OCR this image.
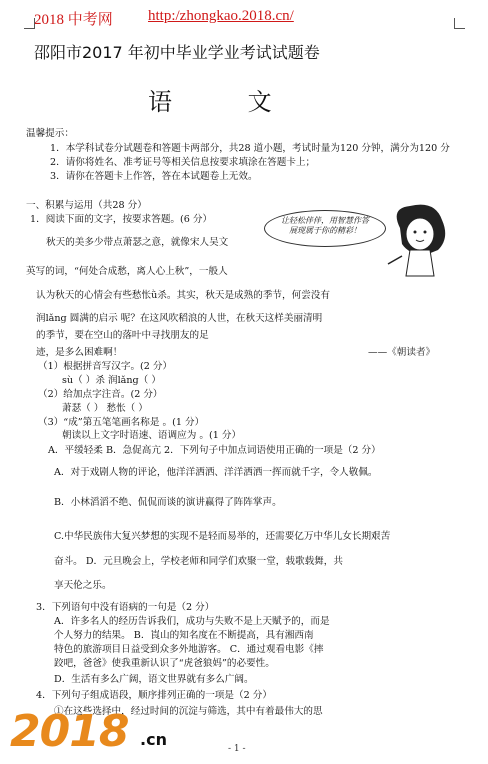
2018 中考网 http:/zhongkao.2018.cn/
邵阳市2017 年初中毕业学业考试试题卷
语 文
温馨提示：
1．本学科试卷分试题卷和答题卡两部分，共28 道小题，考试时量为120 分钟，满分为120 分
2．请你将姓名、准考证号等相关信息按要求填涂在答题卡上；
3．请你在答题卡上作答，答在本试题卷上无效。
一、积累与运用（共28 分）
1．阅读下面的文字，按要求答题。(6 分）	让轻松伴伴，用智慧作答
展现属于你的精彩！
秋天的美多少带点萧瑟之意，就像宋人吴文
英写的词，“何处合成愁，离人心上秋”，一般人
认为秋天的心情会有些愁怅ǜ杀。其实，秋天是成熟的季节，何尝没有
润lǎng 圆满的启示 呢？在这风吹稻浪的人世，在秋天这样美丽清明
的季节，要在空山的落叶中寻找朋友的足
迹，是多么困难啊！	——《朝读者》
（1）根据拼音写汉字。(2 分）
sù（ ）杀 润lǎng（ ）
（2）给加点字注音。(2 分）
萧瑟（ ） 愁怅（ ）
（3）“成”第五笔笔画名称是 。(1 分）
朝读以上文字时语速、语调应为 。(1 分）
A．平缓轻柔 B．急促高亢 2．下列句子中加点词语使用正确的一项是（2 分）
A．对于戏剧人物的评论，他洋洋洒洒、洋洋洒洒一挥而就千字，令人敬佩。
B．小林滔滔不绝、侃侃而谈的演讲赢得了阵阵掌声。
C.中华民族伟大复兴梦想的实现不是轻而易举的，还需要亿万中华儿女长期艰苦
奋斗。 D．元旦晚会上，学校老师和同学们欢聚一堂，载歌载舞，共
享天伦之乐。
3．下列语句中没有语病的一句是（2 分）
A．许多名人的经历告诉我们，成功与失败不是上天赋予的，而是
个人努力的结果。 B．崀山的知名度在不断提高，具有湘西南
特色的旅游项目日益受到众多外地游客。 C．通过观看电影《摔
跤吧，爸爸》使我重新认识了“虎爸狼妈”的必要性。
D．生活有多么广阔，语文世界就有多么广阔。
4．下列句子组成语段，顺序排列正确的一项是（2 分）
①在这些选择中，经过时间的沉淀与筛选，其中有着最伟大的思
2018 .cn	- 1 -
